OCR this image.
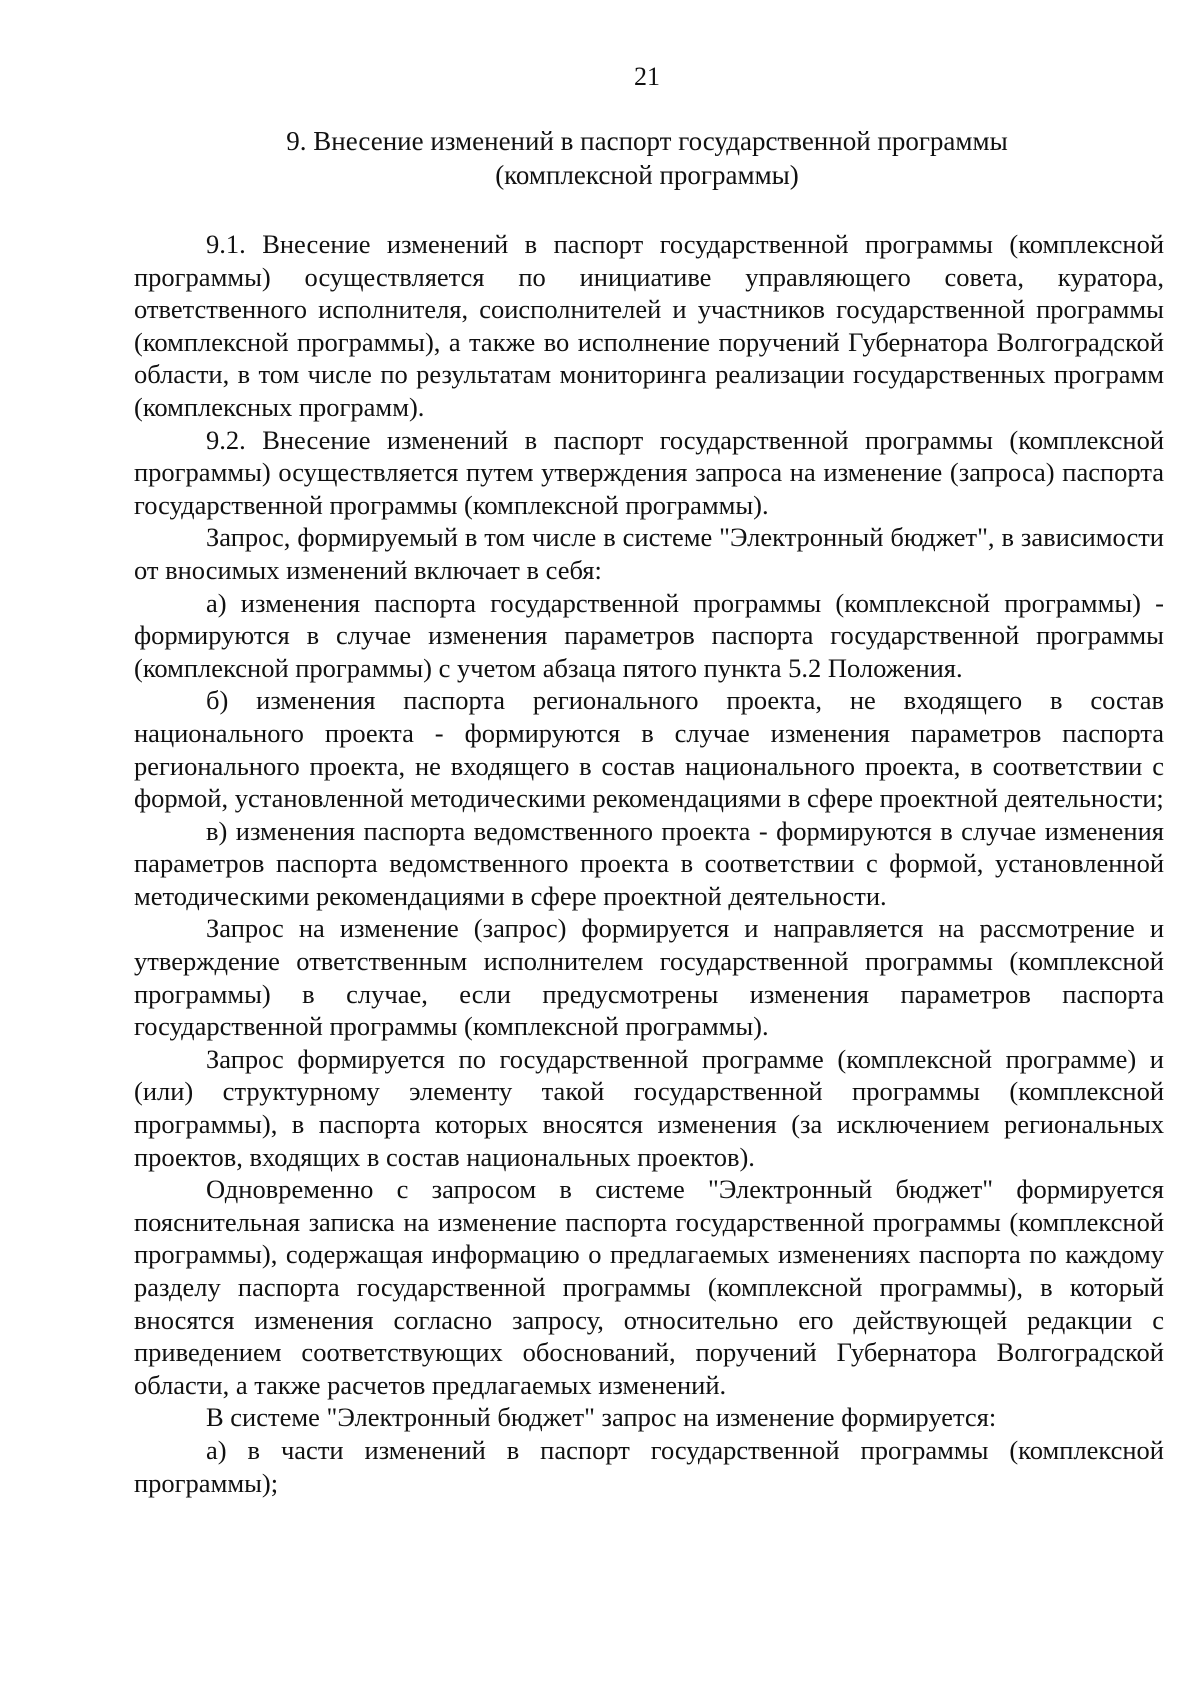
21
9. Внесение изменений в паспорт государственной программы
(комплексной программы)

9.1. Внесение изменений в паспорт государственной программы (комплексной программы) осуществляется по инициативе управляющего совета, куратора, ответственного исполнителя, соисполнителей и участников государственной программы (комплексной программы), а также во исполнение поручений Губернатора Волгоградской области, в том числе по результатам мониторинга реализации государственных программ (комплексных программ).

9.2. Внесение изменений в паспорт государственной программы (комплексной программы) осуществляется путем утверждения запроса на изменение (запроса) паспорта государственной программы (комплексной программы).

Запрос, формируемый в том числе в системе "Электронный бюджет", в зависимости от вносимых изменений включает в себя:

а) изменения паспорта государственной программы (комплексной программы) - формируются в случае изменения параметров паспорта государственной программы (комплексной программы) с учетом абзаца пятого пункта 5.2 Положения.

б) изменения паспорта регионального проекта, не входящего в состав национального проекта - формируются в случае изменения параметров паспорта регионального проекта, не входящего в состав национального проекта, в соответствии с формой, установленной методическими рекомендациями в сфере проектной деятельности;

в) изменения паспорта ведомственного проекта - формируются в случае изменения параметров паспорта ведомственного проекта в соответствии с формой, установленной методическими рекомендациями в сфере проектной деятельности.

Запрос на изменение (запрос) формируется и направляется на рассмотрение и утверждение ответственным исполнителем государственной программы (комплексной программы) в случае, если предусмотрены изменения параметров паспорта государственной программы (комплексной программы).

Запрос формируется по государственной программе (комплексной программе) и (или) структурному элементу такой государственной программы (комплексной программы), в паспорта которых вносятся изменения (за исключением региональных проектов, входящих в состав национальных проектов).

Одновременно с запросом в системе "Электронный бюджет" формируется пояснительная записка на изменение паспорта государственной программы (комплексной программы), содержащая информацию о предлагаемых изменениях паспорта по каждому разделу паспорта государственной программы (комплексной программы), в который вносятся изменения согласно запросу, относительно его действующей редакции с приведением соответствующих обоснований, поручений Губернатора Волгоградской области, а также расчетов предлагаемых изменений.

В системе "Электронный бюджет" запрос на изменение формируется:

а) в части изменений в паспорт государственной программы (комплексной программы);
